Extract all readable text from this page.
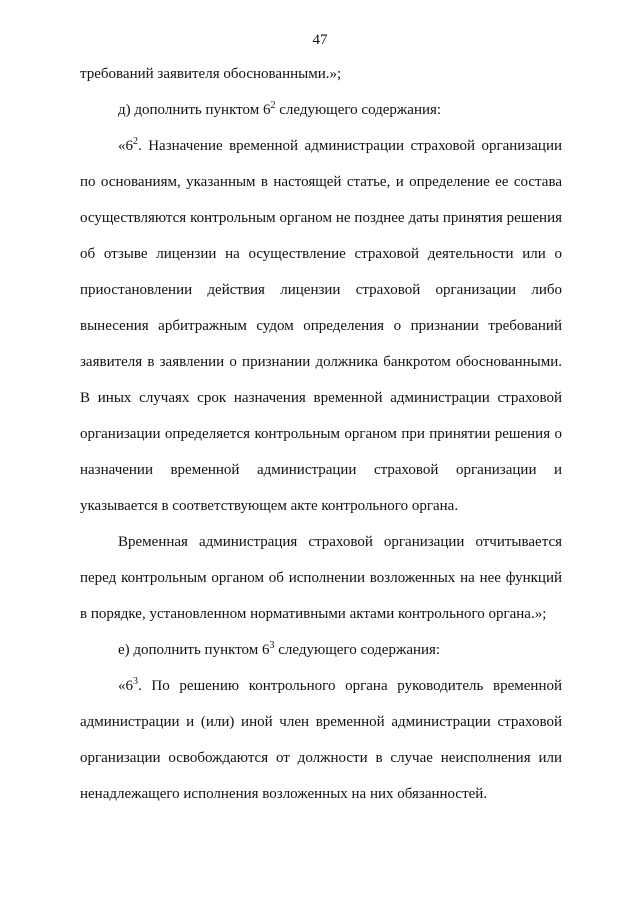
47
требований заявителя обоснованными.»;
д) дополнить пунктом $6^2$ следующего содержания:
«$6^2$. Назначение временной администрации страховой организации
по основаниям, указанным в настоящей статье, и определение ее состава
осуществляются контрольным органом не позднее даты принятия решения
об отзыве лицензии на осуществление страховой деятельности или о
приостановлении действия лицензии страховой организации либо
вынесения арбитражным судом определения о признании требований
заявителя в заявлении о признании должника банкротом обоснованными.
В иных случаях срок назначения временной администрации страховой
организации определяется контрольным органом при принятии решения о
назначении временной администрации страховой организации и
указывается в соответствующем акте контрольного органа.
Временная администрация страховой организации отчитывается
перед контрольным органом об исполнении возложенных на нее функций
в порядке, установленном нормативными актами контрольного органа.»;
е) дополнить пунктом $6^3$ следующего содержания:
«$6^3$. По решению контрольного органа руководитель временной
администрации и (или) иной член временной администрации страховой
организации освобождаются от должности в случае неисполнения или
ненадлежащего исполнения возложенных на них обязанностей.
